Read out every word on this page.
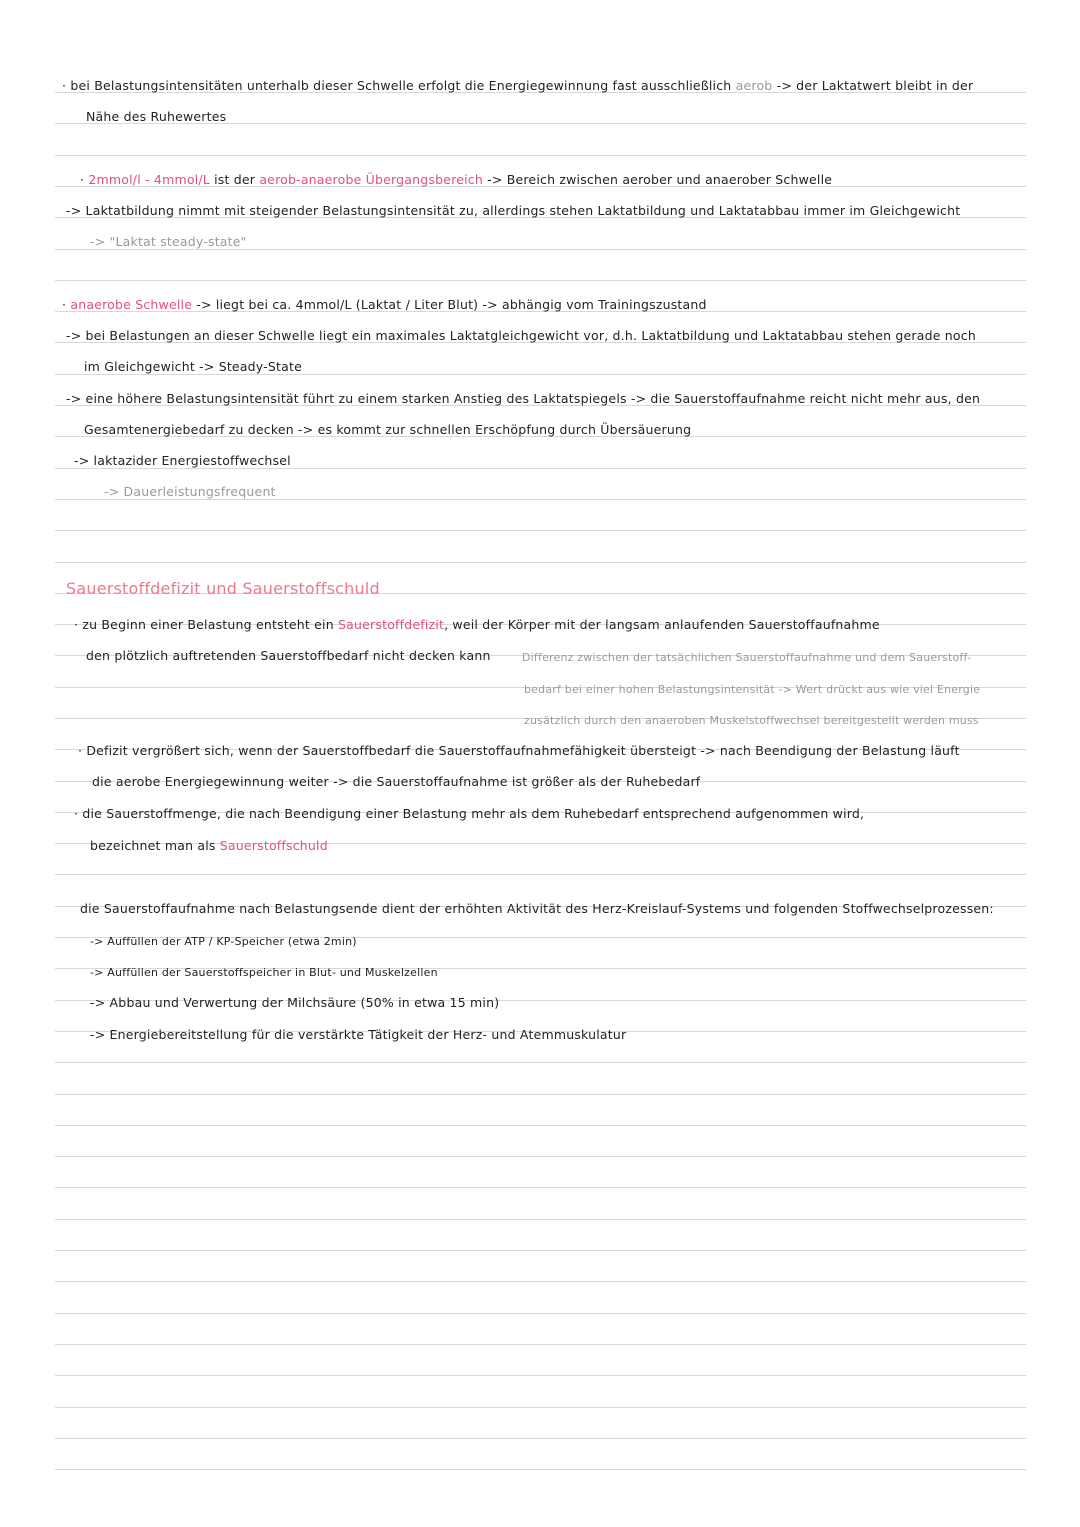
· bei Belastungsintensitäten unterhalb dieser Schwelle erfolgt die Energiegewinnung fast ausschließlich aerob -> der Laktatwert bleibt in der
Nähe des Ruhewertes
· 2mmol/l - 4mmol/L ist der aerob-anaerobe Übergangsbereich -> Bereich zwischen aerober und anaerober Schwelle
-> Laktatbildung nimmt mit steigender Belastungsintensität zu, allerdings stehen Laktatbildung und Laktatabbau immer im Gleichgewicht
-> "Laktat steady-state"
· anaerobe Schwelle -> liegt bei ca. 4mmol/L (Laktat / Liter Blut) -> abhängig vom Trainingszustand
-> bei Belastungen an dieser Schwelle liegt ein maximales Laktatgleichgewicht vor, d.h. Laktatbildung und Laktatabbau stehen gerade noch
im Gleichgewicht -> Steady-State
-> eine höhere Belastungsintensität führt zu einem starken Anstieg des Laktatspiegels -> die Sauerstoffaufnahme reicht nicht mehr aus, den
Gesamtenergiebedarf zu decken -> es kommt zur schnellen Erschöpfung durch Übersäuerung
-> laktazider Energiestoffwechsel
-> Dauerleistungsfrequent
Sauerstoffdefizit und Sauerstoffschuld
· zu Beginn einer Belastung entsteht ein Sauerstoffdefizit, weil der Körper mit der langsam anlaufenden Sauerstoffaufnahme
den plötzlich auftretenden Sauerstoffbedarf nicht decken kann	Differenz zwischen der tatsächlichen Sauerstoffaufnahme und dem Sauerstoff-
bedarf bei einer hohen Belastungsintensität -> Wert drückt aus wie viel Energie
zusätzlich durch den anaeroben Muskelstoffwechsel bereitgestellt werden muss
· Defizit vergrößert sich, wenn der Sauerstoffbedarf die Sauerstoffaufnahmefähigkeit übersteigt -> nach Beendigung der Belastung läuft
die aerobe Energiegewinnung weiter -> die Sauerstoffaufnahme ist größer als der Ruhebedarf
· die Sauerstoffmenge, die nach Beendigung einer Belastung mehr als dem Ruhebedarf entsprechend aufgenommen wird,
bezeichnet man als Sauerstoffschuld
die Sauerstoffaufnahme nach Belastungsende dient der erhöhten Aktivität des Herz-Kreislauf-Systems und folgenden Stoffwechselprozessen:
-> Auffüllen der ATP / KP-Speicher (etwa 2min)
-> Auffüllen der Sauerstoffspeicher in Blut- und Muskelzellen
-> Abbau und Verwertung der Milchsäure (50% in etwa 15 min)
-> Energiebereitstellung für die verstärkte Tätigkeit der Herz- und Atemmuskulatur
